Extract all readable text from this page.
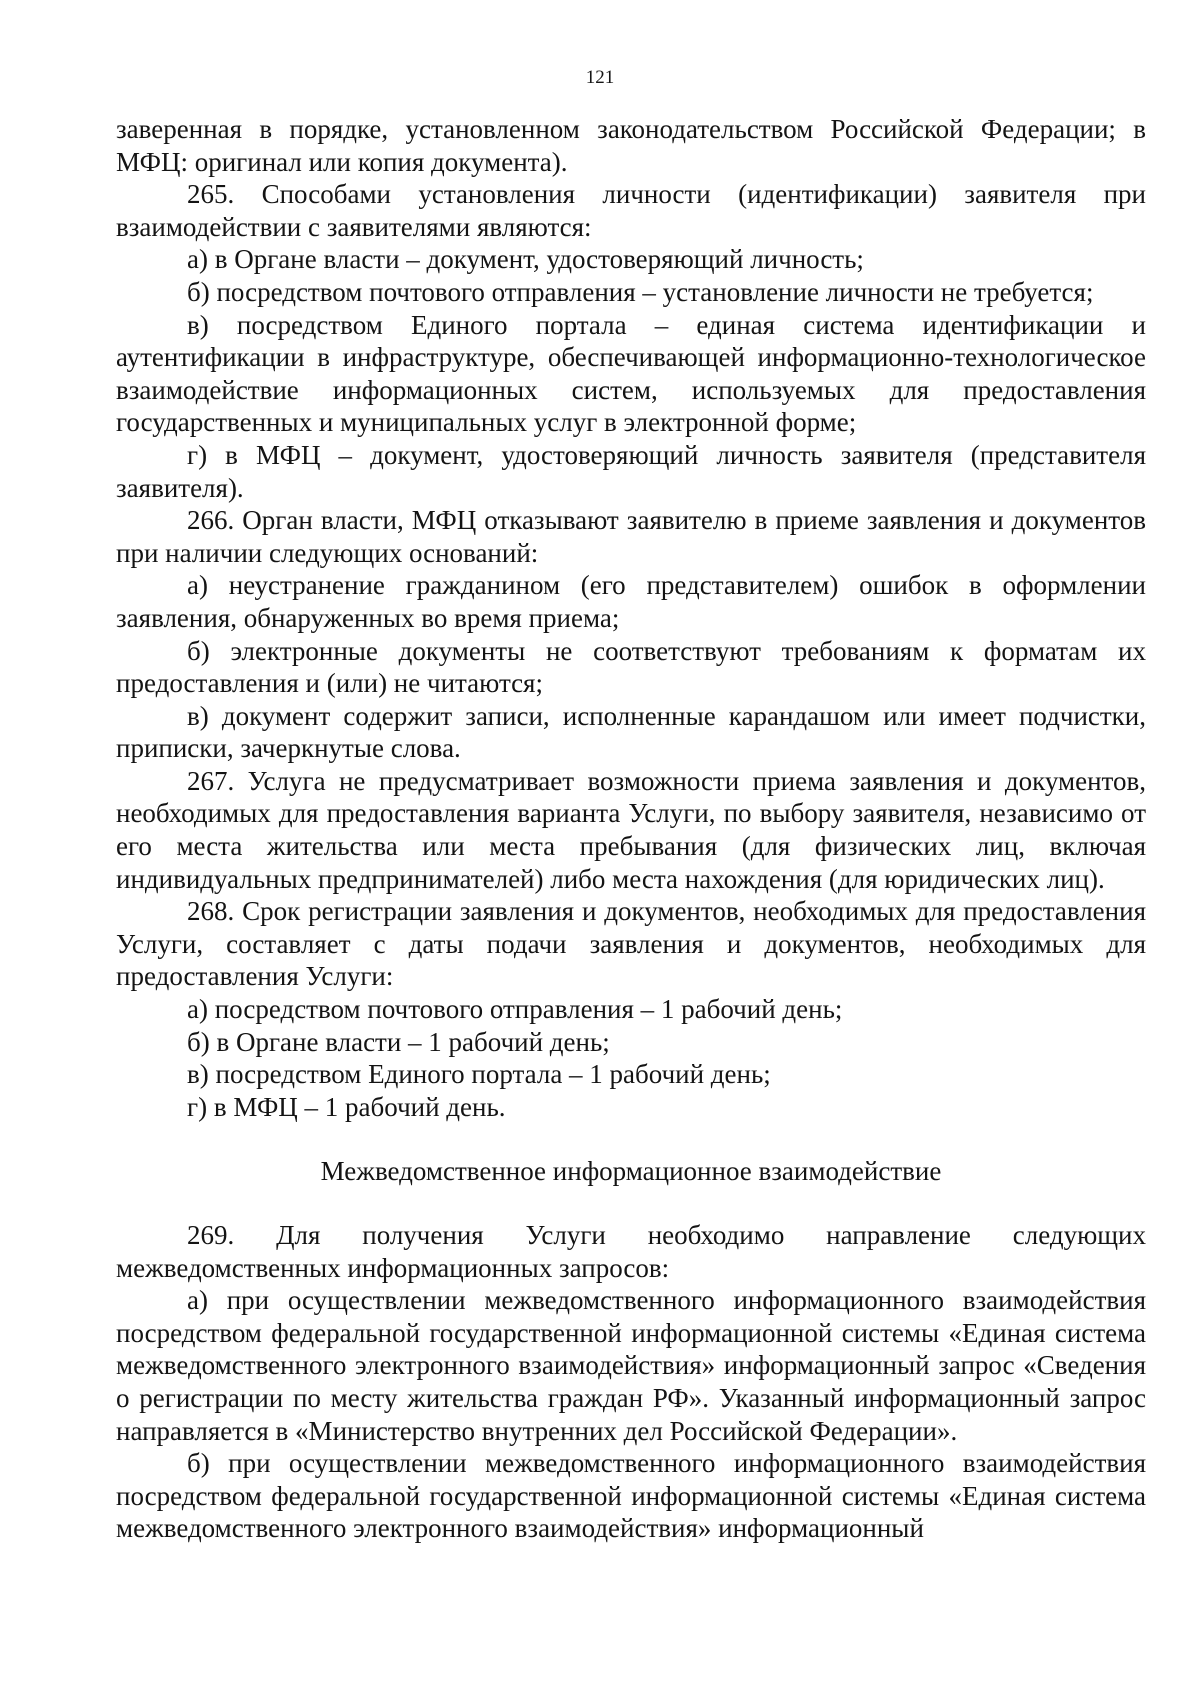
121

заверенная в порядке, установленном законодательством Российской Федерации; в МФЦ: оригинал или копия документа).

265. Способами установления личности (идентификации) заявителя при взаимодействии с заявителями являются:

а) в Органе власти – документ, удостоверяющий личность;

б) посредством почтового отправления – установление личности не требуется;

в) посредством Единого портала – единая система идентификации и аутентификации в инфраструктуре, обеспечивающей информационно-технологическое взаимодействие информационных систем, используемых для предоставления государственных и муниципальных услуг в электронной форме;

г) в МФЦ – документ, удостоверяющий личность заявителя (представителя заявителя).

266. Орган власти, МФЦ отказывают заявителю в приеме заявления и документов при наличии следующих оснований:

а) неустранение гражданином (его представителем) ошибок в оформлении заявления, обнаруженных во время приема;

б) электронные документы не соответствуют требованиям к форматам их предоставления и (или) не читаются;

в) документ содержит записи, исполненные карандашом или имеет подчистки, приписки, зачеркнутые слова.

267. Услуга не предусматривает возможности приема заявления и документов, необходимых для предоставления варианта Услуги, по выбору заявителя, независимо от его места жительства или места пребывания (для физических лиц, включая индивидуальных предпринимателей) либо места нахождения (для юридических лиц).

268. Срок регистрации заявления и документов, необходимых для предоставления Услуги, составляет с даты подачи заявления и документов, необходимых для предоставления Услуги:

а) посредством почтового отправления – 1 рабочий день;

б) в Органе власти – 1 рабочий день;

в) посредством Единого портала – 1 рабочий день;

г) в МФЦ – 1 рабочий день.

Межведомственное информационное взаимодействие

269. Для получения Услуги необходимо направление следующих межведомственных информационных запросов:

а) при осуществлении межведомственного информационного взаимодействия посредством федеральной государственной информационной системы «Единая система межведомственного электронного взаимодействия» информационный запрос «Сведения о регистрации по месту жительства граждан РФ». Указанный информационный запрос направляется в «Министерство внутренних дел Российской Федерации».

б) при осуществлении межведомственного информационного взаимодействия посредством федеральной государственной информационной системы «Единая система межведомственного электронного взаимодействия» информационный
